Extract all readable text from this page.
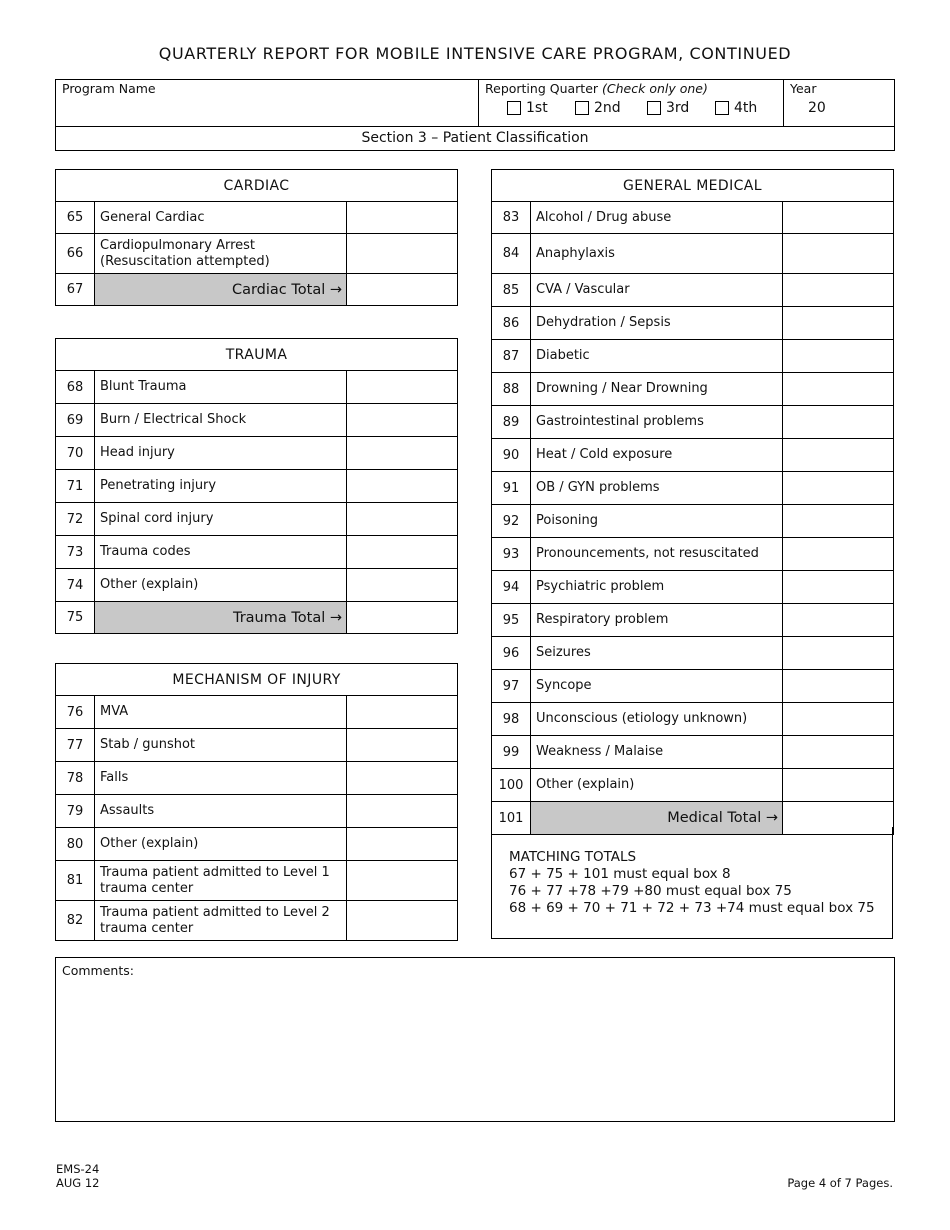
QUARTERLY REPORT FOR MOBILE INTENSIVE CARE PROGRAM, CONTINUED
Program Name	Reporting Quarter (Check only one)
1st	2nd	3rd	4th
Year
20
Section 3 – Patient Classification
CARDIAC		
65	General Cardiac	
66	Cardiopulmonary Arrest
(Resuscitation attempted)	

67	Cardiac Total →	
TRAUMA		
68	Blunt Trauma	
69	Burn / Electrical Shock	
70	Head injury	
71	Penetrating injury	
72	Spinal cord injury	
73	Trauma codes	
74	Other (explain)	
75	Trauma Total →	
MECHANISM OF INJURY		
76	MVA	
77	Stab / gunshot	
78	Falls	
79	Assaults	
80	Other (explain)	
81	Trauma patient admitted to Level 1
trauma center	

82	Trauma patient admitted to Level 2
trauma center	

GENERAL MEDICAL		
83	Alcohol / Drug abuse	
84	Anaphylaxis	
85	CVA / Vascular	
86	Dehydration / Sepsis	
87	Diabetic	
88	Drowning / Near Drowning	
89	Gastrointestinal problems	
90	Heat / Cold exposure	
91	OB / GYN problems	
92	Poisoning	
93	Pronouncements, not resuscitated	
94	Psychiatric problem	
95	Respiratory problem	
96	Seizures	
97	Syncope	
98	Unconscious (etiology unknown)	
99	Weakness / Malaise	
100	Other (explain)	
101	Medical Total →	
MATCHING TOTALS
67 + 75 + 101 must equal box 8
76 + 77 +78 +79 +80 must equal box 75
68 + 69 + 70 + 71 + 72 + 73 +74 must equal box 75
Comments:
EMS-24
AUG 12	Page 4 of 7 Pages.
